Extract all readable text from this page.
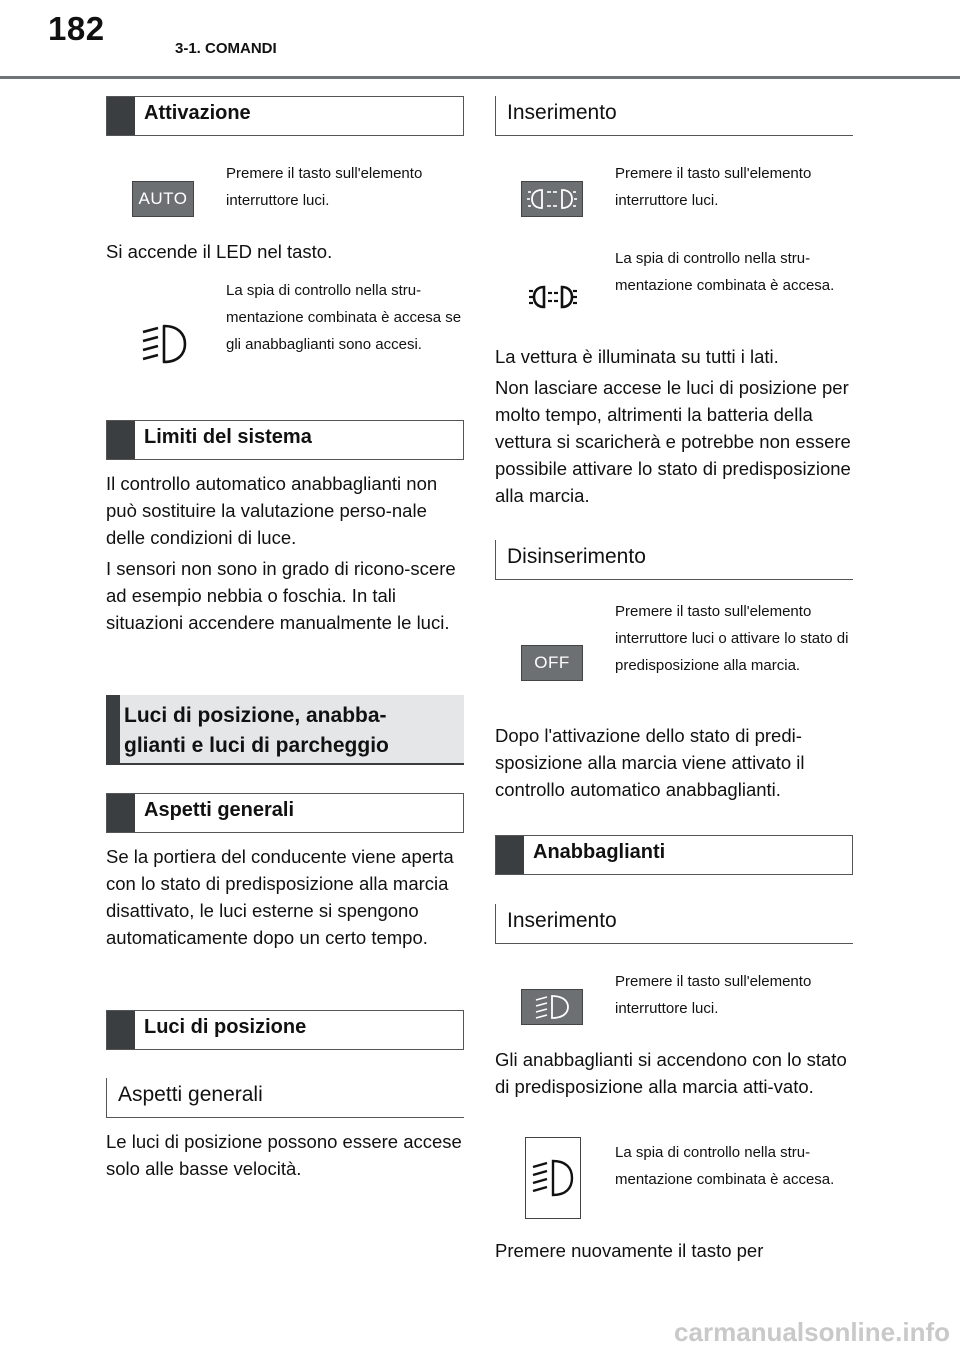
182
3-1. COMANDI
Attivazione
AUTO

Premere il tasto sull'elemento interruttore luci.

Si accende il LED nel tasto.

La spia di controllo nella stru-mentazione combinata è accesa se gli anabbaglianti sono accesi.

Limiti del sistema

Il controllo automatico anabbaglianti non può sostituire la valutazione perso-nale delle condizioni di luce.

I sensori non sono in grado di ricono-scere ad esempio nebbia o foschia. In tali situazioni accendere manualmente le luci.

Luci di posizione, anabba-glianti e luci di parcheggio
Aspetti generali

Se la portiera del conducente viene aperta con lo stato di predisposizione alla marcia disattivato, le luci esterne si spengono automaticamente dopo un certo tempo.

Luci di posizione
Aspetti generali

Le luci di posizione possono essere accese solo alle basse velocità.

Inserimento

Premere il tasto sull'elemento interruttore luci.

La spia di controllo nella stru-mentazione combinata è accesa.

La vettura è illuminata su tutti i lati.

Non lasciare accese le luci di posizione per molto tempo, altrimenti la batteria della vettura si scaricherà e potrebbe non essere possibile attivare lo stato di predisposizione alla marcia.

Disinserimento
OFF

Premere il tasto sull'elemento interruttore luci o attivare lo stato di predisposizione alla marcia.

Dopo l'attivazione dello stato di predi-sposizione alla marcia viene attivato il controllo automatico anabbaglianti.

Anabbaglianti
Inserimento

Premere il tasto sull'elemento interruttore luci.

Gli anabbaglianti si accendono con lo stato di predisposizione alla marcia atti-vato.

La spia di controllo nella stru-mentazione combinata è accesa.

Premere nuovamente il tasto per

carmanualsonline.info
